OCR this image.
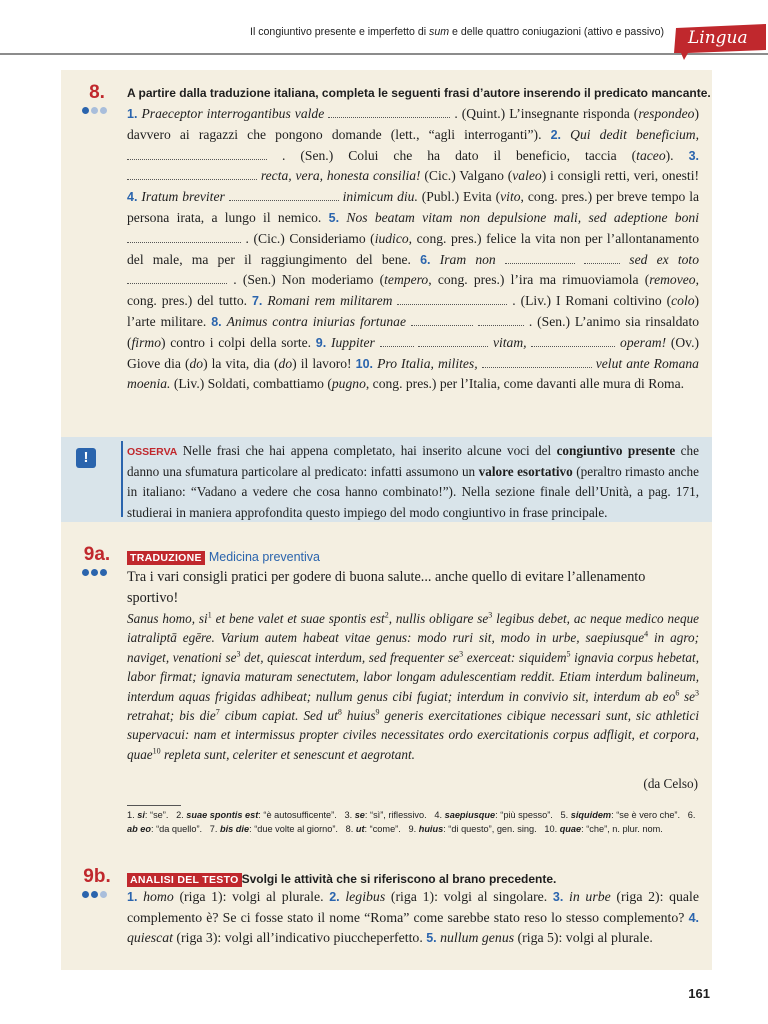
Il congiuntivo presente e imperfetto di sum e delle quattro coniugazioni (attivo e passivo) Lingua
8.	A partire dalla traduzione italiana, completa le seguenti frasi d’autore inserendo il predicato mancante.
1. Praeceptor interrogantibus valde	. (Quint.) L’insegnante risponda (respondeo) davvero ai ragazzi che pongono domande (lett., “agli interroganti”). 2. Qui dedit beneficium,  . (Sen.) Colui che ha dato il beneficio, taccia (taceo). 3.  recta, vera, honesta consilia! (Cic.) Valgano (valeo) i consigli retti, veri, onesti! 4. Iratum breviter	inimicum diu. (Publ.) Evita (vito, cong. pres.) per breve tempo la persona irata, a lungo il nemico. 5. Nos beatam vitam non depulsione mali, sed adeptione boni  . (Cic.) Consideriamo (iudico, cong. pres.) felice la vita non per l’allontanamento del male, ma per il raggiungimento del bene. 6. Iram non	sed ex toto  . (Sen.) Non moderiamo (tempero, cong. pres.) l’ira ma rimuoviamola (removeo, cong. pres.) del tutto. 7. Romani rem militarem	. (Liv.) I Romani coltivino (colo) l’arte militare. 8. Animus contra iniurias fortunae	. (Sen.) L’animo sia rinsaldato (firmo) contro i colpi della sorte. 9. Iuppiter	vitam,	operam! (Ov.) Giove dia (do) la vita, dia (do) il lavoro! 10. Pro Italia, milites,	velut ante Romana moenia. (Liv.) Soldati, combattiamo (pugno, cong. pres.) per l’Italia, come davanti alle mura di Roma.
!	OSSERVA Nelle frasi che hai appena completato, hai inserito alcune voci del congiuntivo presente che danno una sfumatura particolare al predicato: infatti assumono un valore esortativo (peraltro rimasto anche in italiano: “Vadano a vedere che cosa hanno combinato!”). Nella sezione finale dell’Unità, a pag. 171, studierai in maniera approfondita questo impiego del modo congiuntivo in frase principale.
9a.	TRADUZIONE Medicina preventiva
Tra i vari consigli pratici per godere di buona salute... anche quello di evitare l’allenamento sportivo!
Sanus homo, $si^1$ et bene valet et suae spontis est$^2$, nullis obligare $se^3$ legibus debet, ac neque medico neque iatraliptā egēre. Varium autem habeat vitae genus: modo ruri sit, modo in urbe, saepiusque$^4$ in agro; naviget, venationi $se^3$ det, quiescat interdum, sed frequenter $se^3$ exerceat: siquidem$^5$ ignavia corpus hebetat, labor firmat; ignavia maturam senectutem, labor longam adulescentiam reddit. Etiam interdum balineum, interdum aquas frigidas adhibeat; nullum genus cibi fugiat; interdum in convivio sit, interdum ab $eo^6$ $se^3$ retrahat; bis die$^7$ cibum capiat. Sed $ut^8$ huius$^9$ generis exercitationes cibique necessari sunt, sic athletici supervacui: nam et intermissus propter civiles necessitates ordo exercitationis corpus adfligit, et corpora, quae$^{10}$ repleta sunt, celeriter et senescunt et aegrotant.
(da Celso)
1. si: “se”. 2. suae spontis est: “è autosufficente”. 3. se: “sì”, riflessivo. 4. saepiusque: “più spesso”. 5. siquidem: “se è vero che”. 6. ab eo: “da quello”. 7. bis die: “due volte al giorno”. 8. ut: “come”. 9. huius: “di questo”, gen. sing. 10. quae: “che”, n. plur. nom.
9b.	ANALISI DEL TESTO Svolgi le attività che si riferiscono al brano precedente.
1. homo (riga 1): volgi al plurale. 2. legibus (riga 1): volgi al singolare. 3. in urbe (riga 2): quale complemento è? Se ci fosse stato il nome “Roma” come sarebbe stato reso lo stesso complemento? 4. quiescat (riga 3): volgi all’indicativo piuccheperfetto. 5. nullum genus (riga 5): volgi al plurale.
161
